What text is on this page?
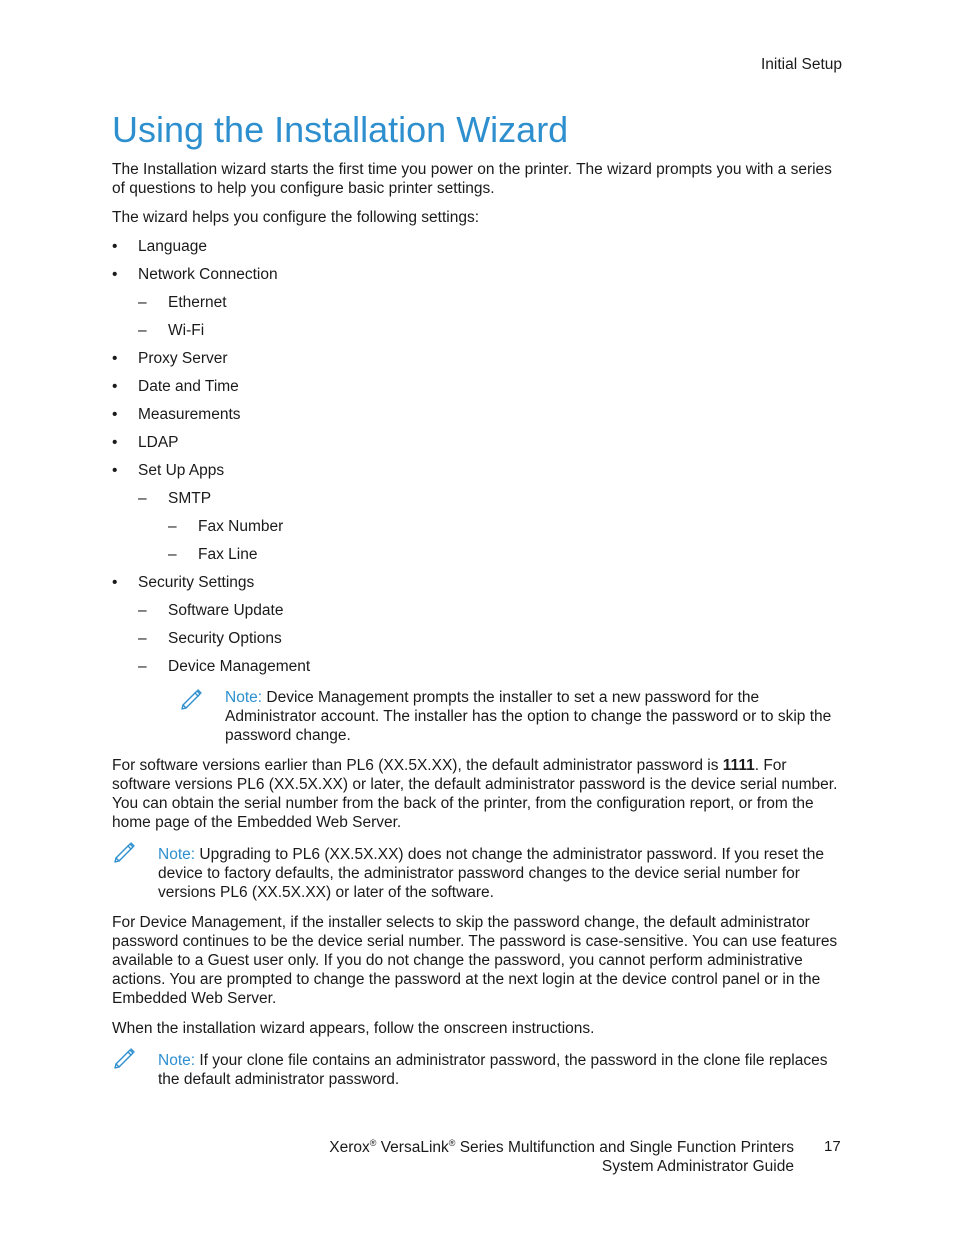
Initial Setup
Using the Installation Wizard

The Installation wizard starts the first time you power on the printer. The wizard prompts you with a series of questions to help you configure basic printer settings.

The wizard helps you configure the following settings:

• Language
• Network Connection
– Ethernet
– Wi-Fi
• Proxy Server
• Date and Time
• Measurements
• LDAP
• Set Up Apps
– SMTP
– Fax Number
– Fax Line
• Security Settings
– Software Update
– Security Options
– Device Management
Note: Device Management prompts the installer to set a new password for the Administrator account. The installer has the option to change the password or to skip the password change.

For software versions earlier than PL6 (XX.5X.XX), the default administrator password is 1111. For software versions PL6 (XX.5X.XX) or later, the default administrator password is the device serial number. You can obtain the serial number from the back of the printer, from the configuration report, or from the home page of the Embedded Web Server.

Note: Upgrading to PL6 (XX.5X.XX) does not change the administrator password. If you reset the device to factory defaults, the administrator password changes to the device serial number for versions PL6 (XX.5X.XX) or later of the software.

For Device Management, if the installer selects to skip the password change, the default administrator password continues to be the device serial number. The password is case-sensitive. You can use features available to a Guest user only. If you do not change the password, you cannot perform administrative actions. You are prompted to change the password at the next login at the device control panel or in the Embedded Web Server.

When the installation wizard appears, follow the onscreen instructions.

Note: If your clone file contains an administrator password, the password in the clone file replaces the default administrator password.
Xerox® VersaLink® Series Multifunction and Single Function Printers
System Administrator Guide
17
